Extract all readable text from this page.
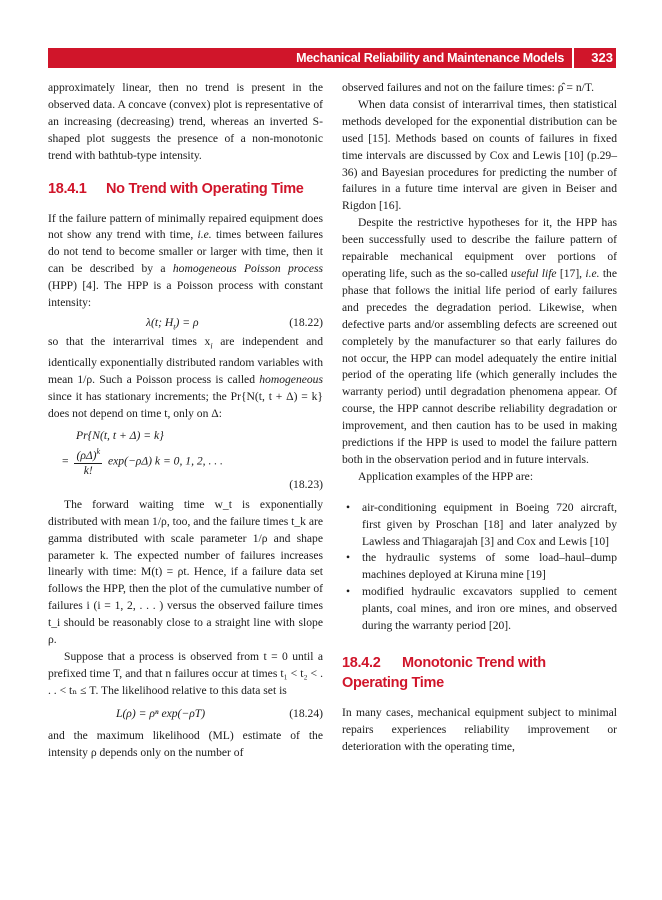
Mechanical Reliability and Maintenance Models 323

approximately linear, then no trend is present in the observed data. A concave (convex) plot is representative of an increasing (decreasing) trend, whereas an inverted S-shaped plot suggests the presence of a non-monotonic trend with bathtub-type intensity.

18.4.1 No Trend with Operating Time

If the failure pattern of minimally repaired equipment does not show any trend with time, i.e. times between failures do not tend to become smaller or larger with time, then it can be described by a homogeneous Poisson process (HPP) [4]. The HPP is a Poisson process with constant intensity:

λ(t; $H_t) = \rho$	(18.22)

so that the interarrival times $x_i$ are independent and identically exponentially distributed random variables with mean 1/ρ. Such a Poisson process is called homogeneous since it has stationary increments; the Pr{N(t, t + Δ) = k} does not depend on time t, only on Δ:

Pr{N(t, t + Δ) = k}
= $\frac{(\rho\Delta)^k}{k!} \exp(-\rho\Delta) k = 0$, 1, 2, . . .
(18.23)

The forward waiting time w_t is exponentially distributed with mean 1/ρ, too, and the failure times t_k are gamma distributed with scale parameter 1/ρ and shape parameter k. The expected number of failures increases linearly with time: M(t) = ρt. Hence, if a failure data set follows the HPP, then the plot of the cumulative number of failures i (i = 1, 2, . . . ) versus the observed failure times t_i should be reasonably close to a straight line with slope ρ.

Suppose that a process is observed from t = 0 until a prefixed time T, and that n failures occur at times t₁ < t₂ < . . . < tₙ ≤ T. The likelihood relative to this data set is

L(ρ) = ρⁿ exp(−ρT)	(18.24)

and the maximum likelihood (ML) estimate of the intensity ρ depends only on the number of

observed failures and not on the failure times: ρ̂ = n/T.

When data consist of interarrival times, then statistical methods developed for the exponential distribution can be used [15]. Methods based on counts of failures in fixed time intervals are discussed by Cox and Lewis [10] (p.29–36) and Bayesian procedures for predicting the number of failures in a future time interval are given in Beiser and Rigdon [16].

Despite the restrictive hypotheses for it, the HPP has been successfully used to describe the failure pattern of repairable mechanical equipment over portions of operating life, such as the so-called useful life [17], i.e. the phase that follows the initial life period of early failures and precedes the degradation period. Likewise, when defective parts and/or assembling defects are screened out completely by the manufacturer so that early failures do not occur, the HPP can model adequately the entire initial period of the operating life (which generally includes the warranty period) until degradation phenomena appear. Of course, the HPP cannot describe reliability degradation or improvement, and then caution has to be used in making predictions if the HPP is used to model the failure pattern both in the observation period and in future intervals.

Application examples of the HPP are:

• air-conditioning equipment in Boeing 720 aircraft, first given by Proschan [18] and later analyzed by Lawless and Thiagarajah [3] and Cox and Lewis [10]
• the hydraulic systems of some load–haul–dump machines deployed at Kiruna mine [19]
• modified hydraulic excavators supplied to cement plants, coal mines, and iron ore mines, and observed during the warranty period [20].
18.4.2 Monotonic Trend with
Operating Time

In many cases, mechanical equipment subject to minimal repairs experiences reliability improvement or deterioration with the operating time,
